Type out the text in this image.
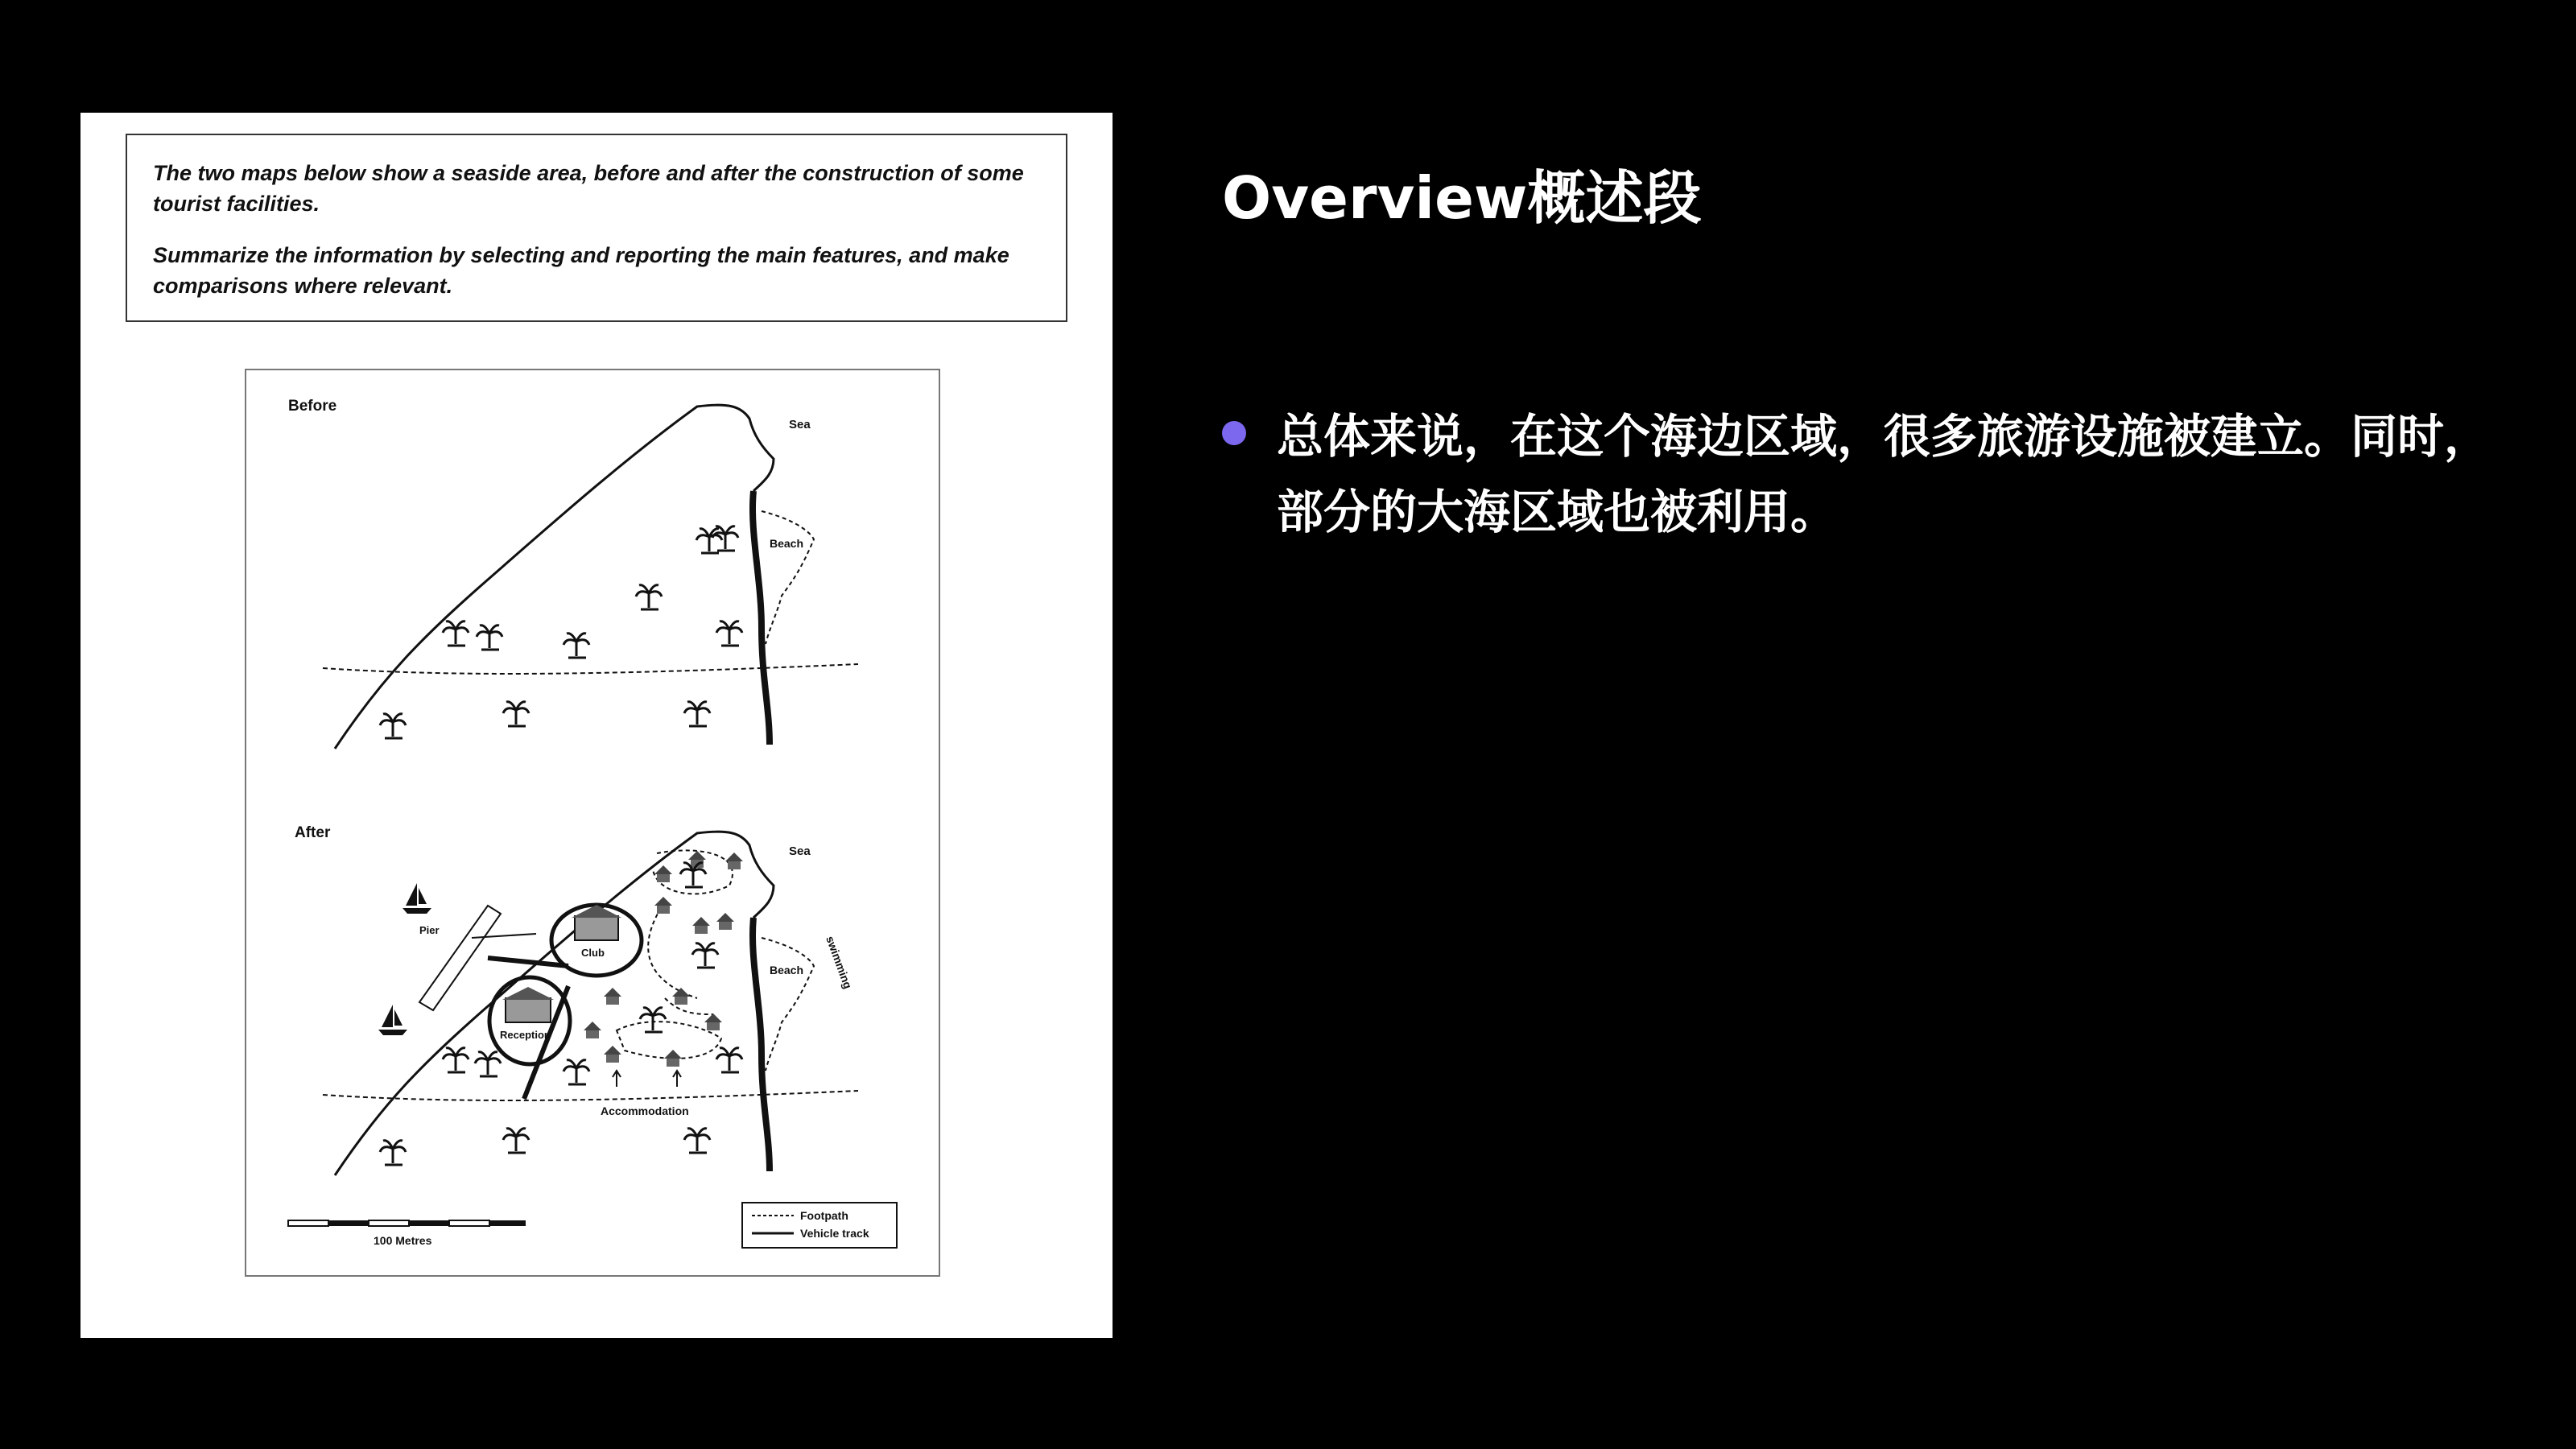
The two maps below show a seaside area, before and after the construction of some tourist facilities.

Summarize the information by selecting and reporting the main features, and make comparisons where relevant.

Before
Sea
Beach
After
Sea
Beach swimming
Pier
Club
Reception
Accommodation
100 Metres
Footpath
Vehicle track
Overview概述段
总体来说，在这个海边区域，很多旅游设施被建立。同时，部分的大海区域也被利用。
